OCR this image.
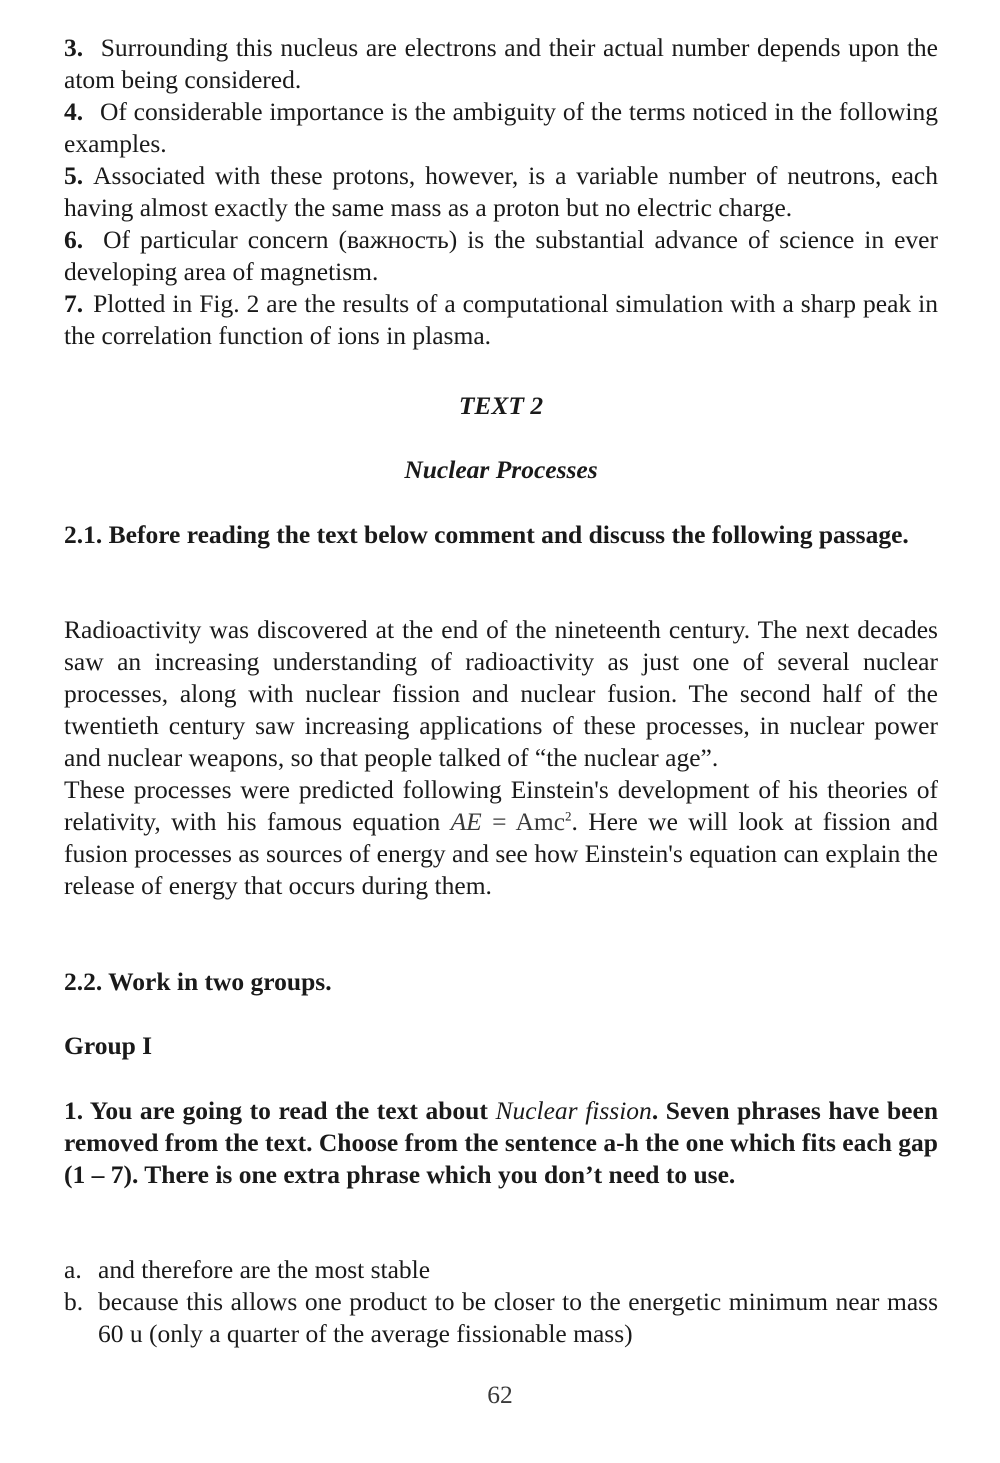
3. Surrounding this nucleus are electrons and their actual number depends upon the atom being considered.

4. Of considerable importance is the ambiguity of the terms noticed in the following examples.

5. Associated with these protons, however, is a variable number of neutrons, each having almost exactly the same mass as a proton but no electric charge.

6. Of particular concern (важность) is the substantial advance of science in ever developing area of magnetism.

7. Plotted in Fig. 2 are the results of a computational simulation with a sharp peak in the correlation function of ions in plasma.

TEXT 2
Nuclear Processes
2.1. Before reading the text below comment and discuss the following passage.

Radioactivity was discovered at the end of the nineteenth century. The next decades saw an increasing understanding of radioactivity as just one of several nuclear processes, along with nuclear fission and nuclear fusion. The second half of the twentieth century saw increasing applications of these processes, in nuclear power and nuclear weapons, so that people talked of “the nuclear age”.

These processes were predicted following Einstein's development of his theories of relativity, with his famous equation AE = Amc$^2$. Here we will look at fission and fusion processes as sources of energy and see how Einstein's equation can explain the release of energy that occurs during them.

2.2. Work in two groups.
Group I
1. You are going to read the text about Nuclear fission. Seven phrases have been removed from the text. Choose from the sentence a-h the one which fits each gap (1 – 7). There is one extra phrase which you don’t need to use.
a. and therefore are the most stable
b. because this allows one product to be closer to the energetic minimum near mass 60 u (only a quarter of the average fissionable mass)
62
